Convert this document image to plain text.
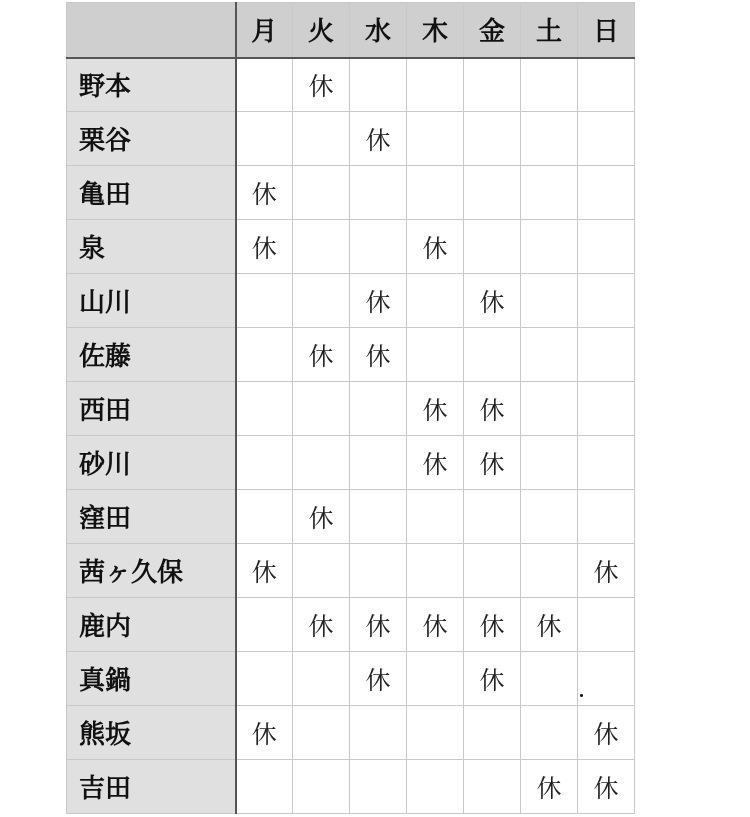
	月	火	水	木	金	土	日
野本		休					
栗谷			休				
亀田	休						
泉	休			休			
山川			休		休		
佐藤		休	休				
西田				休	休		
砂川				休	休		
窪田		休					
茜ヶ久保	休						休
鹿内		休	休	休	休	休	
真鍋			休		休		
熊坂	休						休
吉田						休	休
